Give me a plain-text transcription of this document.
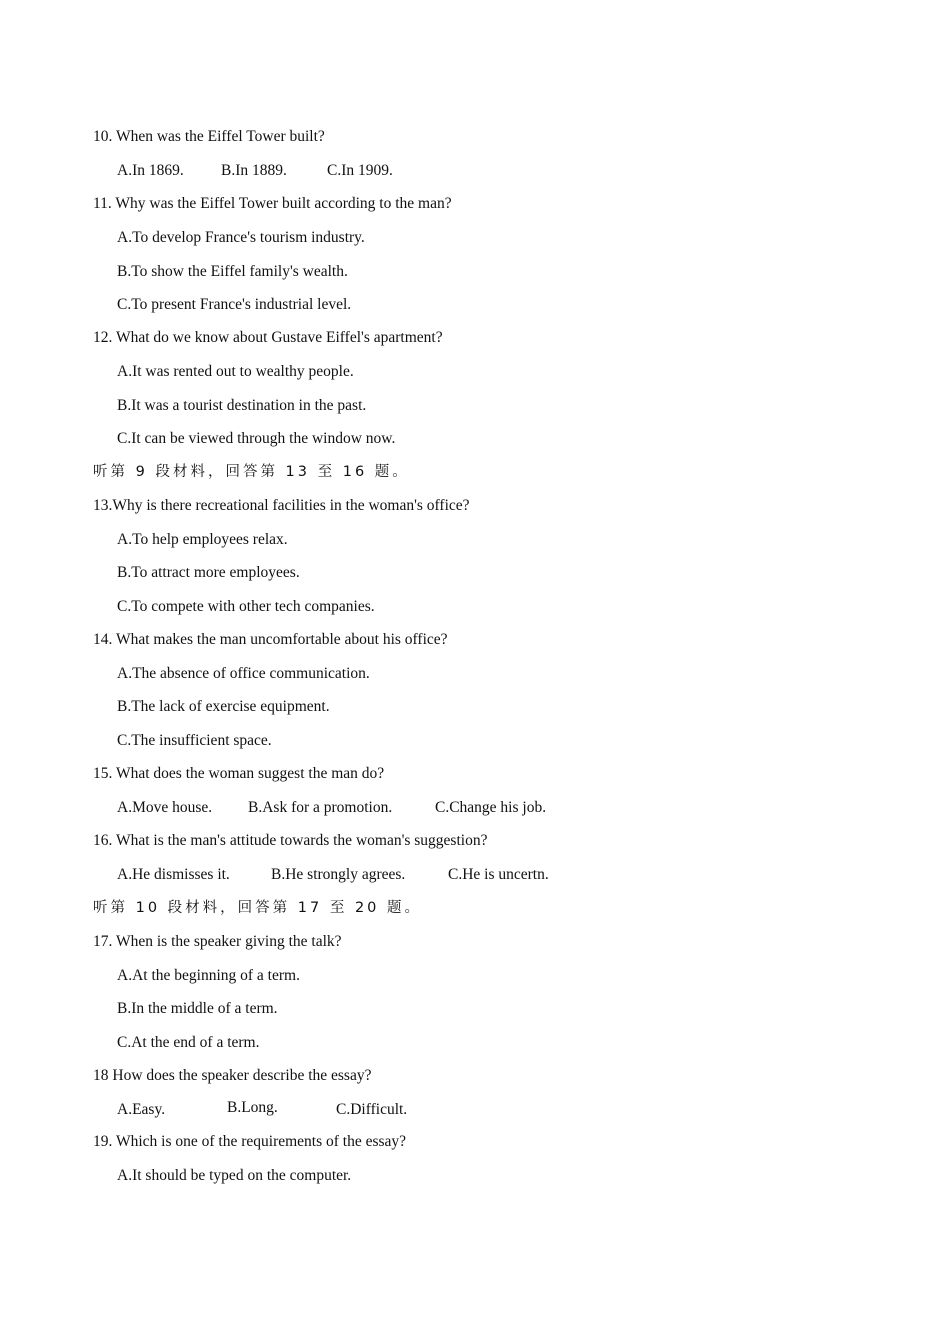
10. When was the Eiffel Tower built?
A.In 1869. B.In 1889.	C.In 1909.
11. Why was the Eiffel Tower built according to the man?
A.To develop France's tourism industry.
B.To show the Eiffel family's wealth.
C.To present France's industrial level.
12. What do we know about Gustave Eiffel's apartment?
A.It was rented out to wealthy people.
B.It was a tourist destination in the past.
C.It can be viewed through the window now.
听第 9 段材料，回答第 13 至 16 题。
13.Why is there recreational facilities in the woman's office?
A.To help employees relax.
B.To attract more employees.
C.To compete with other tech companies.
14. What makes the man uncomfortable about his office?
A.The absence of office communication.
B.The lack of exercise equipment.
C.The insufficient space.
15. What does the woman suggest the man do?
A.Move house. B.Ask for a promotion.	C.Change his job.
16. What is the man's attitude towards the woman's suggestion?
A.He dismisses it.	B.He strongly agrees.	C.He is uncertn.
听第 10 段材料，回答第 17 至 20 题。
17. When is the speaker giving the talk?
A.At the beginning of a term.
B.In the middle of a term.
C.At the end of a term.
18 How does the speaker describe the essay?
A.Easy.	B.Long.	C.Difficult.
19. Which is one of the requirements of the essay?
A.It should be typed on the computer.
